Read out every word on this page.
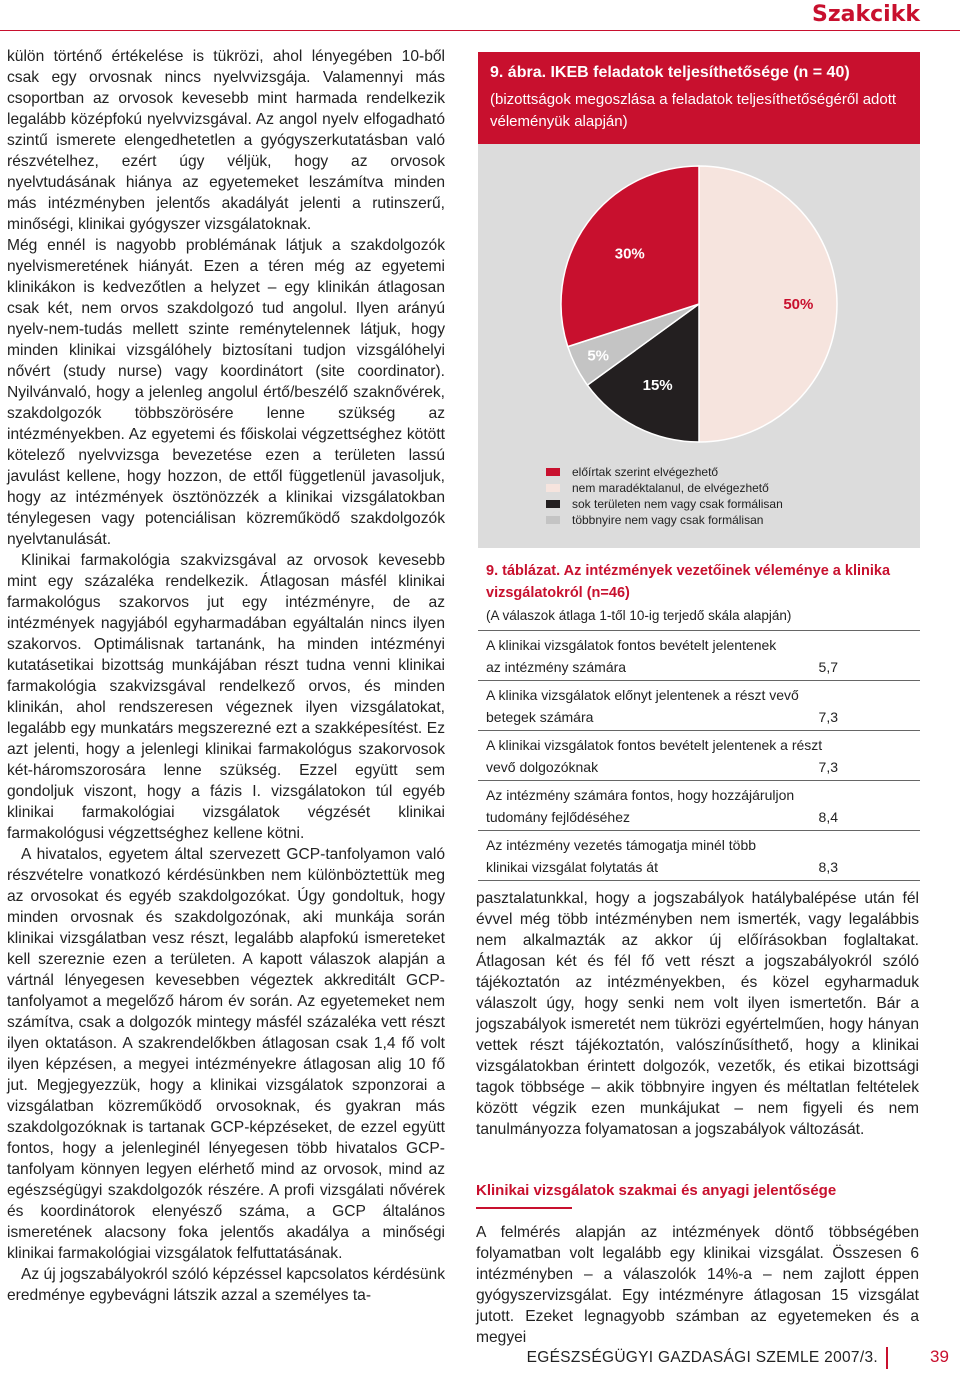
Szakcikk

külön történő értékelése is tükrözi, ahol lényegében 10-ből csak egy orvosnak nincs nyelvvizsgája. Valamennyi más csoportban az orvosok kevesebb mint harmada rendelkezik legalább középfokú nyelvvizsgával. Az angol nyelv elfogadható szintű ismerete elengedhetetlen a gyógyszerkutatásban való részvételhez, ezért úgy véljük, hogy az orvosok nyelvtudásának hiánya az egyetemeket leszámítva minden más intézményben jelentős akadályát jelenti a rutinszerű, minőségi, klinikai gyógyszer vizsgálatoknak.

Még ennél is nagyobb problémának látjuk a szakdolgozók nyelvismeretének hiányát. Ezen a téren még az egyetemi klinikákon is kedvezőtlen a helyzet – egy klinikán átlagosan csak két, nem orvos szakdolgozó tud angolul. Ilyen arányú nyelv-nem-tudás mellett szinte reménytelennek látjuk, hogy minden klinikai vizsgálóhely biztosítani tudjon vizsgálóhelyi nővért (study nurse) vagy koordinátort (site coordinator). Nyilvánvaló, hogy a jelenleg angolul értő/beszélő szaknővérek, szakdolgozók többszörösére lenne szükség az intézményekben. Az egyetemi és főiskolai végzettséghez kötött kötelező nyelvvizsga bevezetése ezen a területen lassú javulást kellene, hogy hozzon, de ettől függetlenül javasoljuk, hogy az intézmények ösztönözzék a klinikai vizsgálatokban ténylegesen vagy potenciálisan közreműködő szakdolgozók nyelvtanulását.

Klinikai farmakológia szakvizsgával az orvosok kevesebb mint egy százaléka rendelkezik. Átlagosan másfél klinikai farmakológus szakorvos jut egy intézményre, de az intézmények nagyjából egyharmadában egyáltalán nincs ilyen szakorvos. Optimálisnak tartanánk, ha minden intézményi kutatásetikai bizottság munkájában részt tudna venni klinikai farmakológia szakvizsgával rendelkező orvos, és minden klinikán, ahol rendszeresen végeznek ilyen vizsgálatokat, legalább egy munkatárs megszerezné ezt a szakképesítést. Ez azt jelenti, hogy a jelenlegi klinikai farmakológus szakorvosok két-háromszorosára lenne szükség. Ezzel együtt sem gondoljuk viszont, hogy a fázis I. vizsgálatokon túl egyéb klinikai farmakológiai vizsgálatok végzését klinikai farmakológusi végzettséghez kellene kötni.

A hivatalos, egyetem által szervezett GCP-tanfolyamon való részvételre vonatkozó kérdésünkben nem különböztettük meg az orvosokat és egyéb szakdolgozókat. Úgy gondoltuk, hogy minden orvosnak és szakdolgozónak, aki munkája során klinikai vizsgálatban vesz részt, legalább alapfokú ismereteket kell szereznie ezen a területen. A kapott válaszok alapján a vártnál lényegesen kevesebben végeztek akkreditált GCP-tanfolyamot a megelőző három év során. Az egyetemeket nem számítva, csak a dolgozók mintegy másfél százaléka vett részt ilyen oktatáson. A szakrendelőkben átlagosan csak 1,4 fő volt ilyen képzésen, a megyei intézményekre átlagosan alig 10 fő jut. Megjegyezzük, hogy a klinikai vizsgálatok szponzorai a vizsgálatban közreműködő orvosoknak, és gyakran más szakdolgozóknak is tartanak GCP-képzéseket, de ezzel együtt fontos, hogy a jelenleginél lényegesen több hivatalos GCP-tanfolyam könnyen legyen elérhető mind az orvosok, mind az egészségügyi szakdolgozók részére. A profi vizsgálati nővérek és koordinátorok elenyésző száma, a GCP általános ismeretének alacsony foka jelentős akadálya a minőségi klinikai farmakológiai vizsgálatok felfuttatásának.

Az új jogszabályokról szóló képzéssel kapcsolatos kérdésünk eredménye egybevágni látszik azzal a személyes ta-

9. ábra. IKEB feladatok teljesíthetősége (n = 40)
(bizottságok megoszlása a feladatok teljesíthetőségéről adott véleményük alapján)
30%
50%
15%
5%
előírtak szerint elvégezhető
nem maradéktalanul, de elvégezhető
sok területen nem vagy csak formálisan
többnyire nem vagy csak formálisan
9. táblázat. Az intézmények vezetőinek véleménye a klinika vizsgálatokról (n=46)
(A válaszok átlaga 1-től 10-ig terjedő skála alapján)
A klinikai vizsgálatok fontos bevételt jelentenek
az intézmény számára	5,7
A klinika vizsgálatok előnyt jelentenek a részt vevő
betegek számára	7,3
A klinikai vizsgálatok fontos bevételt jelentenek a részt
vevő dolgozóknak	7,3
Az intézmény számára fontos, hogy hozzájáruljon
tudomány fejlődéséhez	8,4
Az intézmény vezetés támogatja minél több
klinikai vizsgálat folytatás át	8,3

pasztalatunkkal, hogy a jogszabályok hatálybalépése után fél évvel még több intézményben nem ismerték, vagy legalábbis nem alkalmazták az akkor új előírásokban foglaltakat. Átlagosan két és fél fő vett részt a jogszabályokról szóló tájékoztatón az intézményekben, és közel egyharmaduk válaszolt úgy, hogy senki nem volt ilyen ismertetőn. Bár a jogszabályok ismeretét nem tükrözi egyértelműen, hogy hányan vettek részt tájékoztatón, valószínűsíthető, hogy a klinikai vizsgálatokban érintett dolgozók, vezetők, és etikai bizottsági tagok többsége – akik többnyire ingyen és méltatlan feltételek között végzik ezen munkájukat – nem figyeli és nem tanulmányozza folyamatosan a jogszabályok változását.

Klinikai vizsgálatok szakmai és anyagi jelentősége

A felmérés alapján az intézmények döntő többségében folyamatban volt legalább egy klinikai vizsgálat. Összesen 6 intézményben – a válaszolók 14%-a – nem zajlott éppen gyógyszervizsgálat. Egy intézményre átlagosan 15 vizsgálat jutott. Ezeket legnagyobb számban az egyetemeken és a megyei

EGÉSZSÉGÜGYI GAZDASÁGI SZEMLE 2007/3.	39
